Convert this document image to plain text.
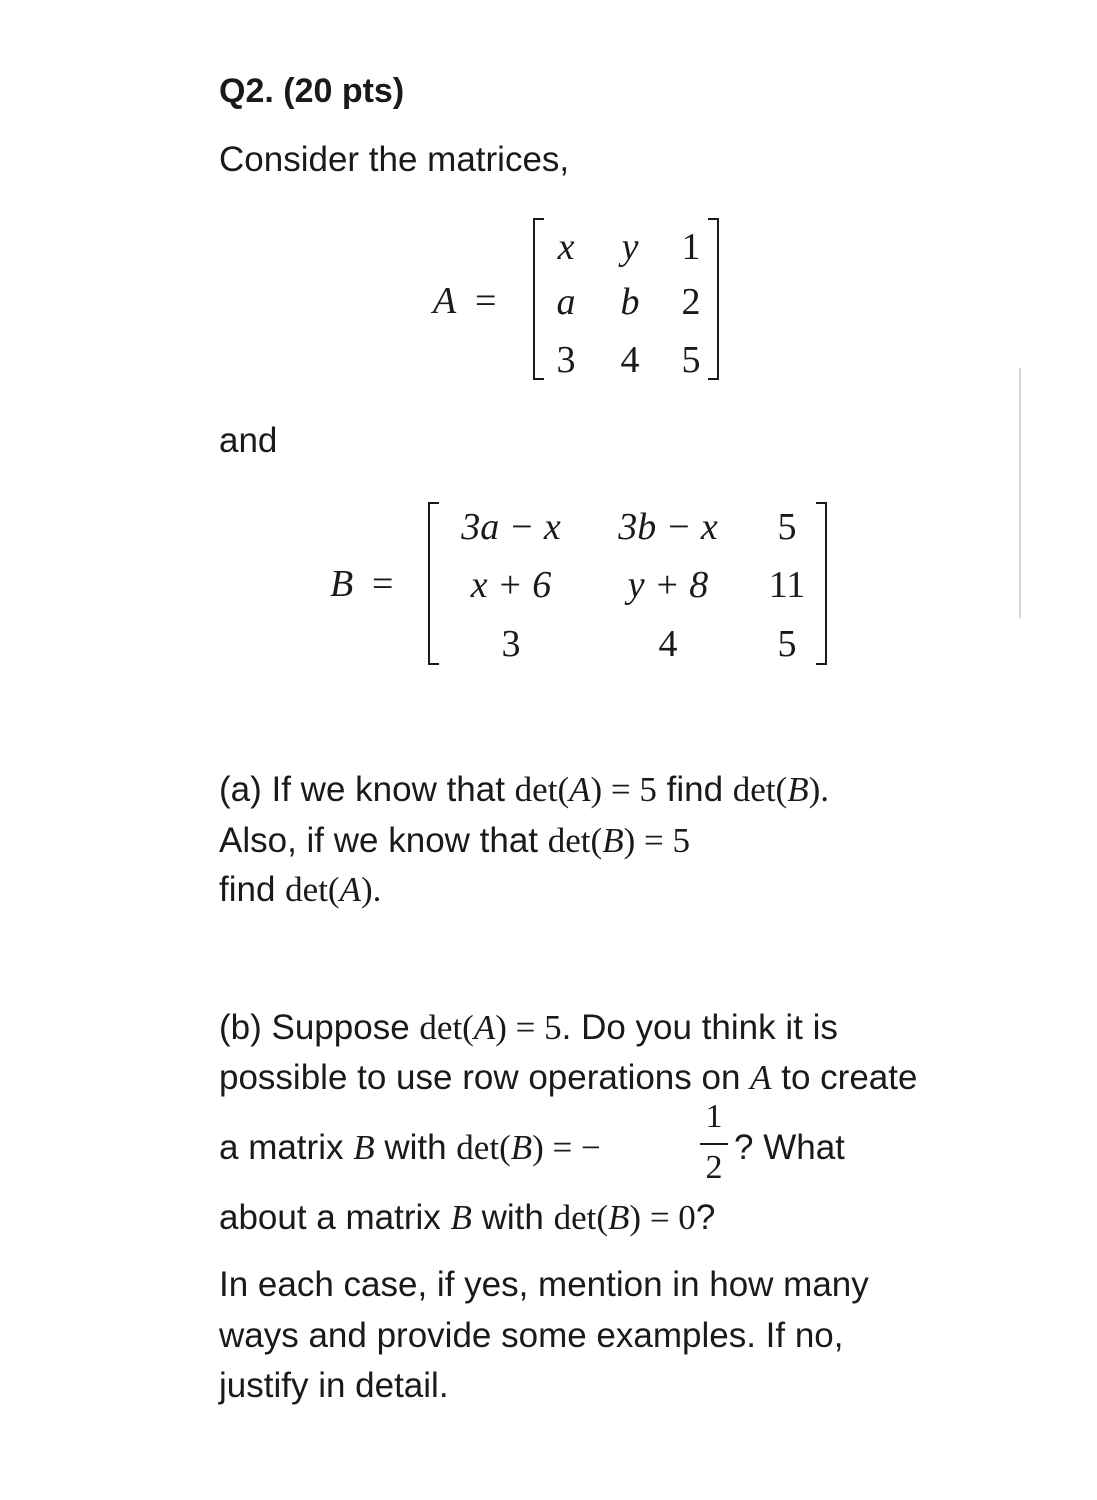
Q2. (20 pts)
Consider the matrices,
A =
x y 1
a b 2
3 4 5
and
B =
3a − x 3b − x 5
x + 6 y + 8 11
3	4	5
(a) If we know that det(A) = 5 find det(B).
Also, if we know that det(B) = 5
find det(A).
(b) Suppose det(A) = 5. Do you think it is
possible to use row operations on A to create
a matrix B with det(B) = −
1
2
? What
about a matrix B with det(B) = 0?
In each case, if yes, mention in how many
ways and provide some examples. If no,
justify in detail.
